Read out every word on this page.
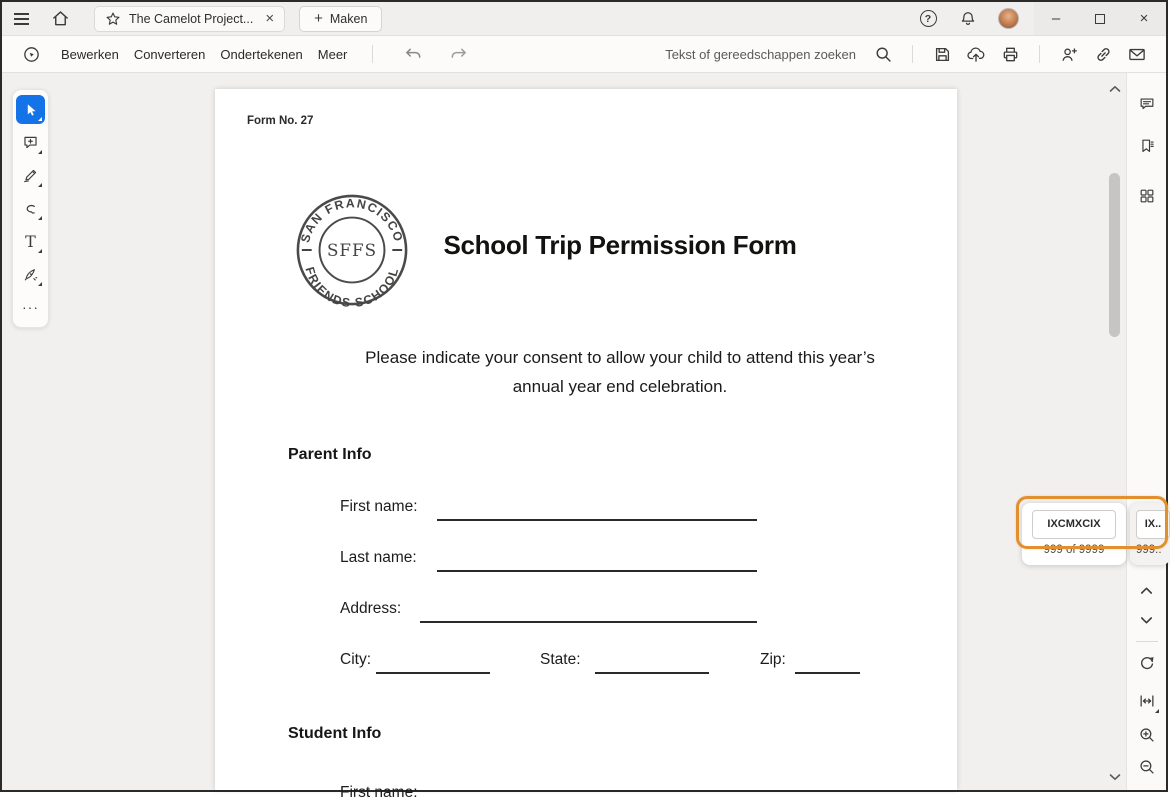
The Camelot Project... ×	+ Maken	?	–	×
Bewerken Converteren Ondertekenen Meer	Tekst of gereedschappen zoeken
T
···
Form No. 27
SAN FRANCISCO
FRIENDS SCHOOL
SFFS	School Trip Permission Form
Please indicate your consent to allow your child to attend this year’s
annual year end celebration.
Parent Info
First name:
Last name:
Address:
City:	State:	Zip:
Student Info
First name:
IXCMXCIX
999 of 9999
IX..
999..
